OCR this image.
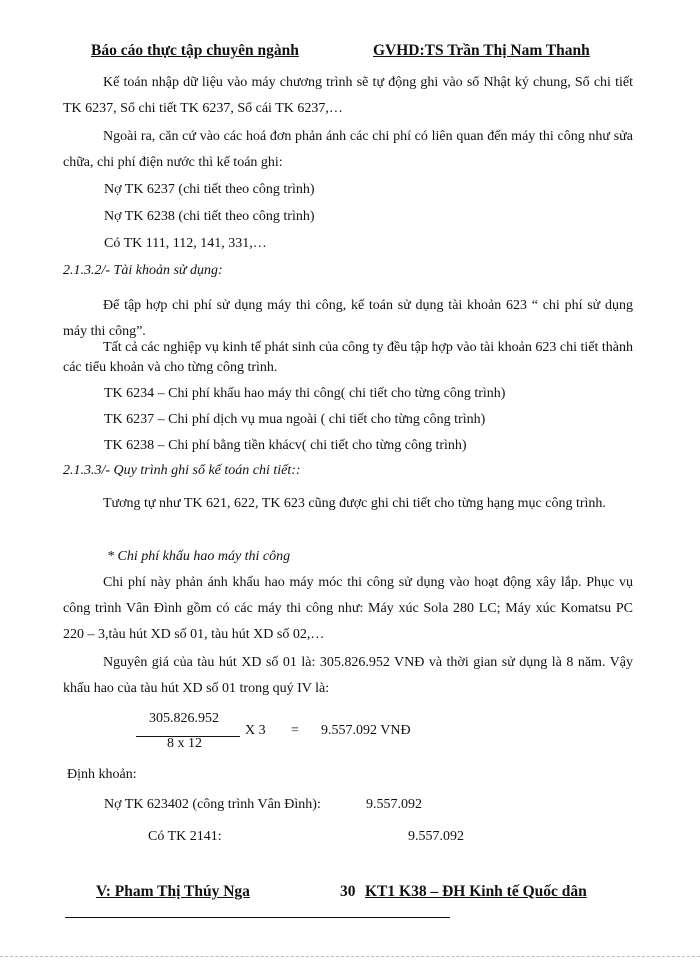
Báo cáo thực tập chuyên ngành	GVHD:TS Trần Thị Nam Thanh
Kế toán nhập dữ liệu vào máy chương trình sẽ tự động ghi vào sổ Nhật ký chung, Sổ chi tiết TK 6237, Sổ chi tiết TK 6237, Sổ cái TK 6237,…
Ngoài ra, căn cứ vào các hoá đơn phản ánh các chi phí có liên quan đến máy thi công như sửa chữa, chi phí điện nước thì kế toán ghi:
Nợ TK 6237 (chi tiết theo công trình)
Nợ TK 6238 (chi tiết theo công trình)
Có TK 111, 112, 141, 331,…
2.1.3.2/- Tài khoản sử dụng:
Để tập hợp chi phí sử dụng máy thi công, kế toán sử dụng tài khoản 623 “ chi phí sử dụng máy thi công”.
Tất cả các nghiệp vụ kinh tế phát sinh của công ty đều tập hợp vào tài khoản 623 chi tiết thành các tiểu khoản và cho từng công trình.
TK 6234 – Chi phí khấu hao máy thi công( chi tiết cho từng công trình)
TK 6237 – Chi phí dịch vụ mua ngoài ( chi tiết cho từng công trình)
TK 6238 – Chi phí bằng tiền khácv( chi tiết cho từng công trình)
2.1.3.3/- Quy trình ghi sổ kế toán chi tiết::
Tương tự như TK 621, 622, TK 623 cũng được ghi chi tiết cho từng hạng mục công trình.
* Chi phí khấu hao máy thi công
Chi phí này phản ánh khấu hao máy móc thi công sử dụng vào hoạt động xây lắp. Phục vụ công trình Vân Đình gồm có các máy thi công như: Máy xúc Sola 280 LC; Máy xúc Komatsu PC 220 – 3,tàu hút XD số 01, tàu hút XD số 02,…
Nguyên giá của tàu hút XD số 01 là: 305.826.952 VNĐ và thời gian sử dụng là 8 năm. Vậy khấu hao của tàu hút XD số 01 trong quý IV là:
305.826.952
8 x 12
X 3 = 9.557.092 VNĐ
Định khoản:
Nợ TK 623402 (công trình Vân Đình):	9.557.092
Có TK 2141:	9.557.092
V: Pham Thị Thúy Nga	30 KT1 K38 – ĐH Kinh tế Quốc dân
